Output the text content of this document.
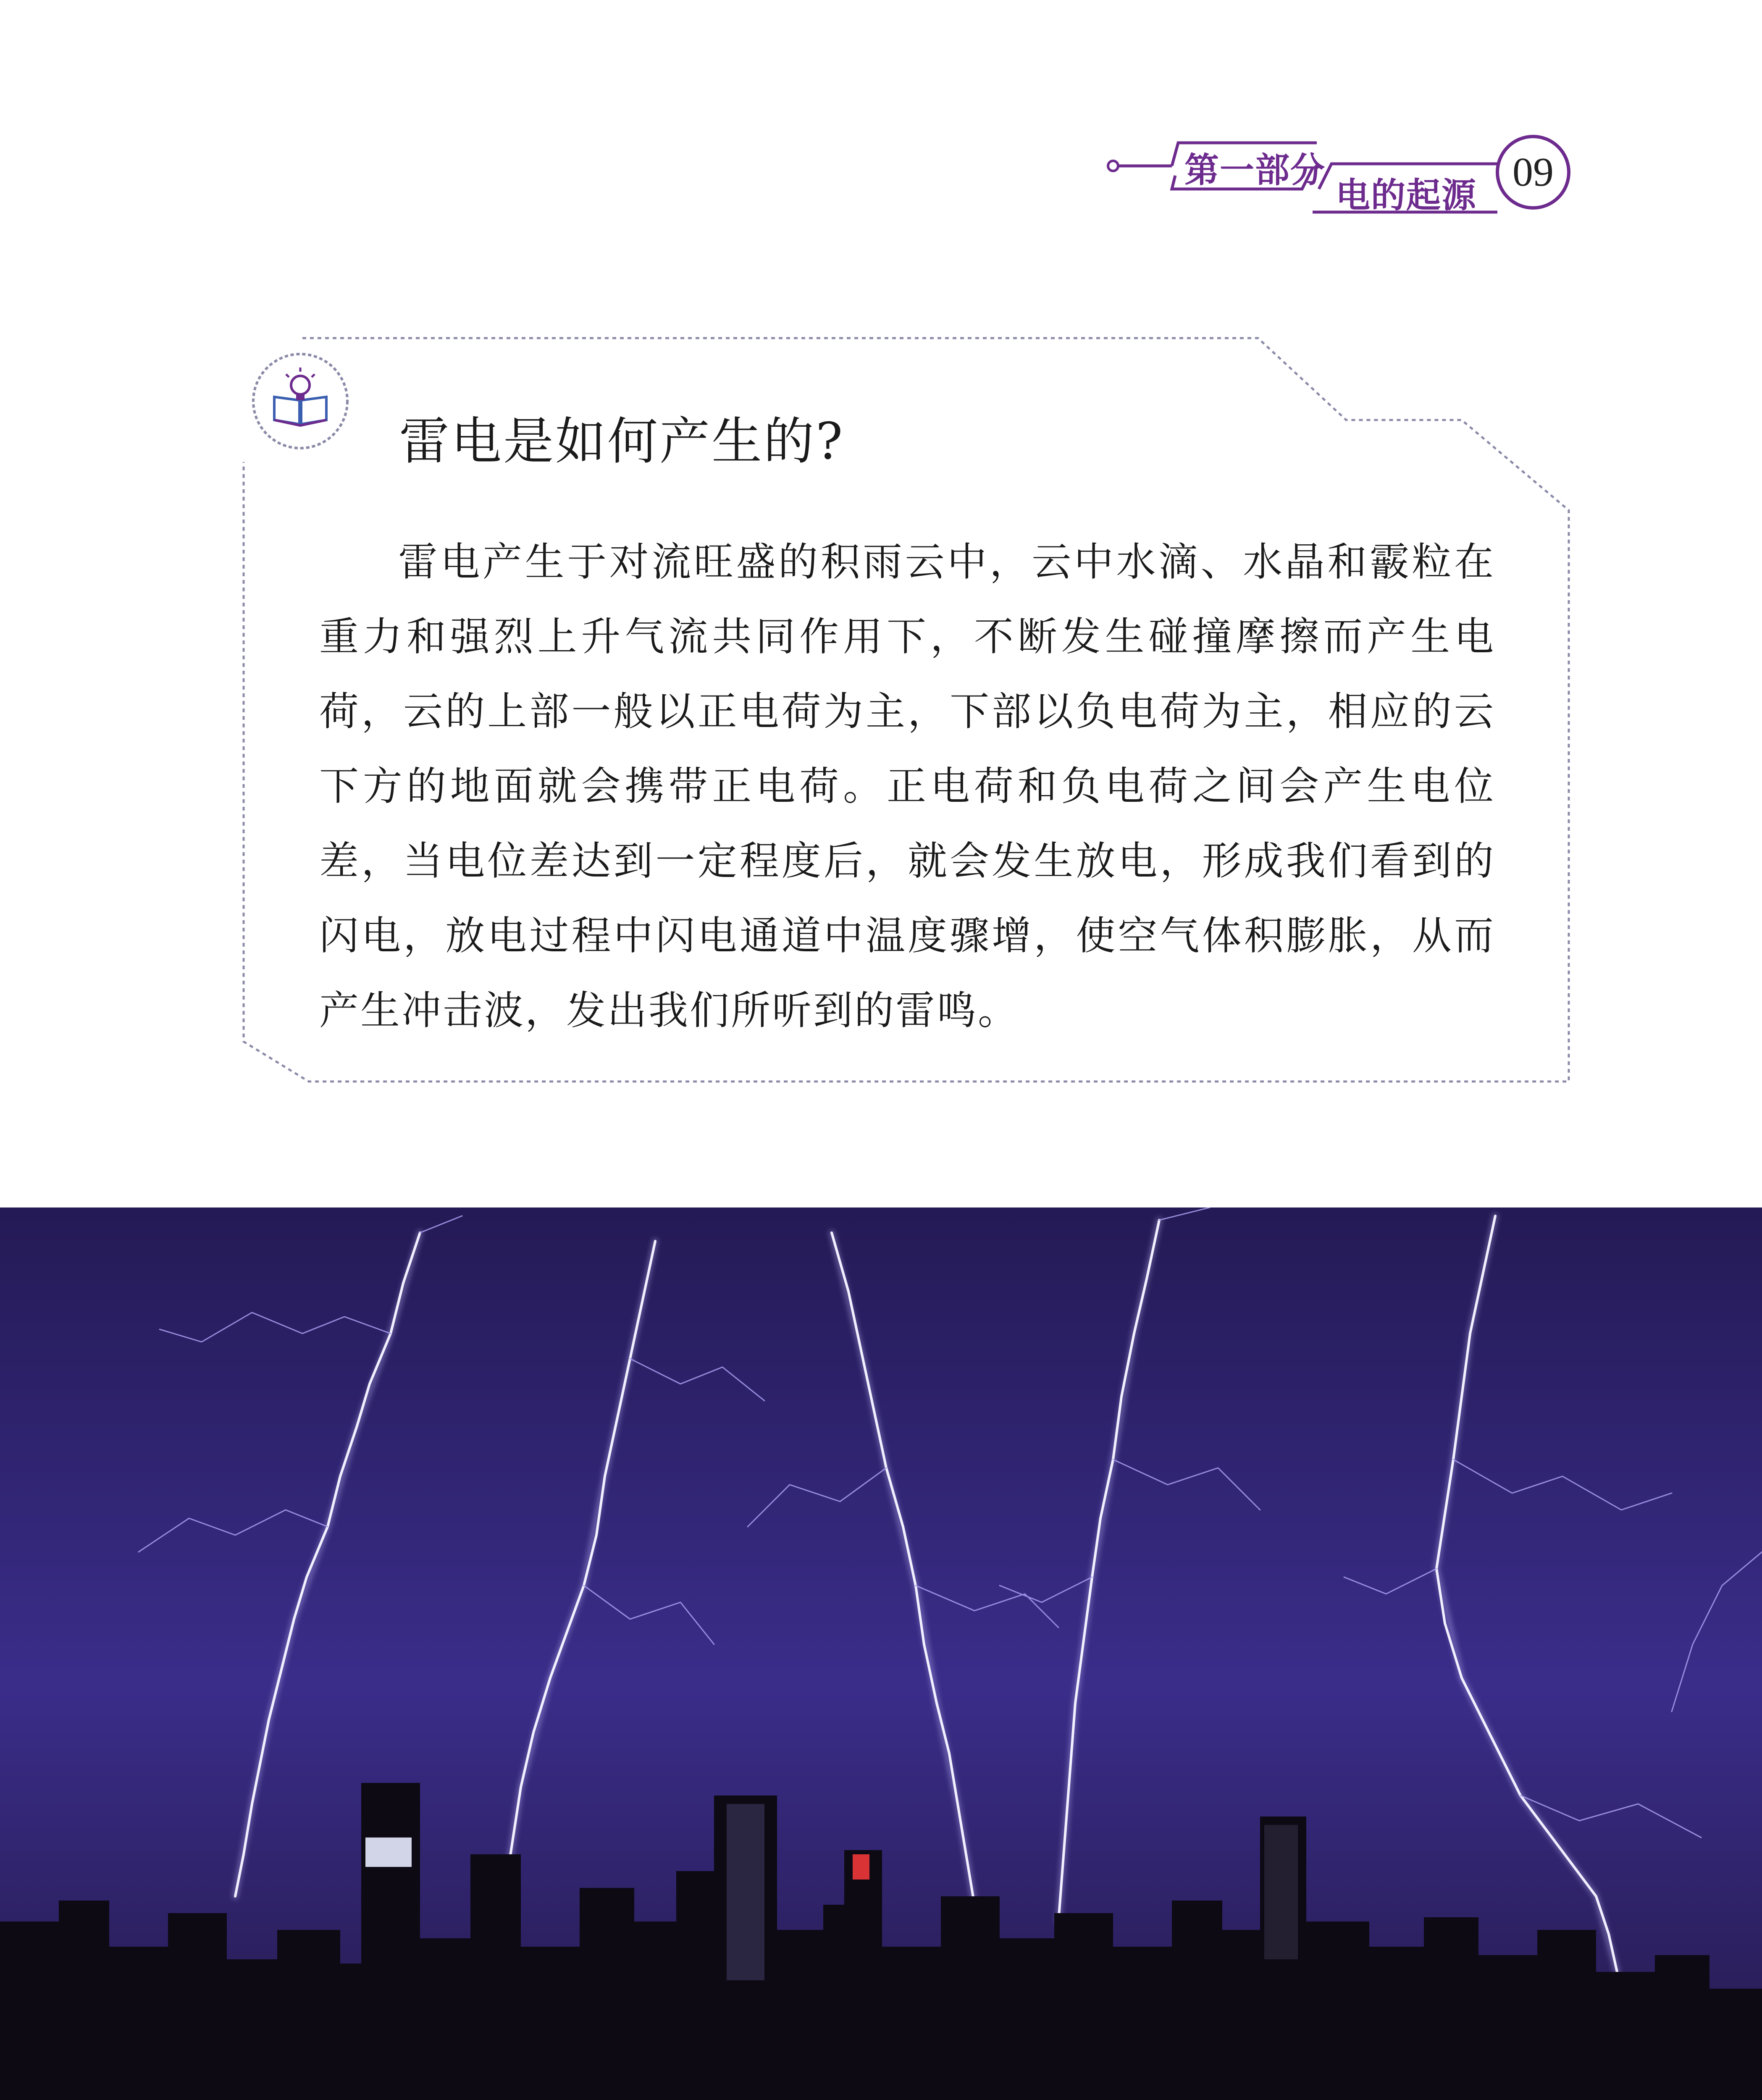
第一部分
电的起源
09
雷电是如何产生的?
雷电产生于对流旺盛的积雨云中，云中水滴、水晶和霰粒在重力和强烈上升气流共同作用下，不断发生碰撞摩擦而产生电荷，云的上部一般以正电荷为主，下部以负电荷为主，相应的云下方的地面就会携带正电荷。正电荷和负电荷之间会产生电位差，当电位差达到一定程度后，就会发生放电，形成我们看到的闪电，放电过程中闪电通道中温度骤增，使空气体积膨胀，从而产生冲击波，发出我们所听到的雷鸣。
